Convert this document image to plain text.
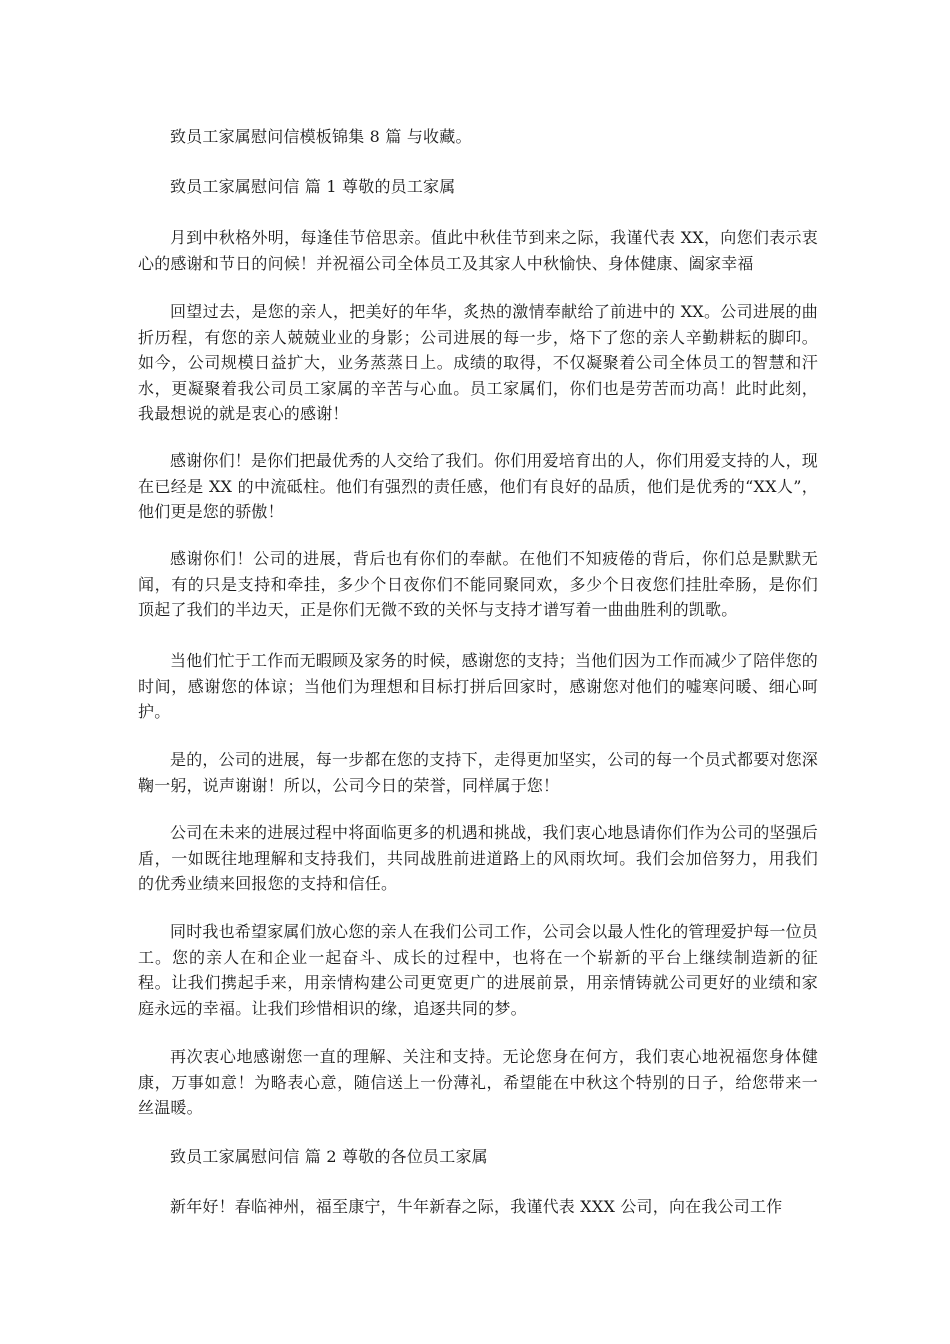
致员工家属慰问信模板锦集 8 篇 与收藏。

致员工家属慰问信 篇 1 尊敬的员工家属

月到中秋格外明，每逢佳节倍思亲。值此中秋佳节到来之际，我谨代表 XX，向您们表示衷心的感谢和节日的问候！并祝福公司全体员工及其家人中秋愉快、身体健康、阖家幸福

回望过去，是您的亲人，把美好的年华，炙热的激情奉献给了前进中的 XX。公司进展的曲折历程，有您的亲人兢兢业业的身影；公司进展的每一步，烙下了您的亲人辛勤耕耘的脚印。如今，公司规模日益扩大，业务蒸蒸日上。成绩的取得，不仅凝聚着公司全体员工的智慧和汗水，更凝聚着我公司员工家属的辛苦与心血。员工家属们，你们也是劳苦而功高！此时此刻，我最想说的就是衷心的感谢！

感谢你们！是你们把最优秀的人交给了我们。你们用爱培育出的人，你们用爱支持的人，现在已经是 XX 的中流砥柱。他们有强烈的责任感，他们有良好的品质，他们是优秀的“XX人”，他们更是您的骄傲！

感谢你们！公司的进展，背后也有你们的奉献。在他们不知疲倦的背后，你们总是默默无闻，有的只是支持和牵挂，多少个日夜你们不能同聚同欢，多少个日夜您们挂肚牵肠，是你们顶起了我们的半边天，正是你们无微不致的关怀与支持才谱写着一曲曲胜利的凯歌。

当他们忙于工作而无暇顾及家务的时候，感谢您的支持；当他们因为工作而减少了陪伴您的时间，感谢您的体谅；当他们为理想和目标打拼后回家时，感谢您对他们的嘘寒问暖、细心呵护。

是的，公司的进展，每一步都在您的支持下，走得更加坚实，公司的每一个员式都要对您深鞠一躬，说声谢谢！所以，公司今日的荣誉，同样属于您！

公司在未来的进展过程中将面临更多的机遇和挑战，我们衷心地恳请你们作为公司的坚强后盾，一如既往地理解和支持我们，共同战胜前进道路上的风雨坎坷。我们会加倍努力，用我们的优秀业绩来回报您的支持和信任。

同时我也希望家属们放心您的亲人在我们公司工作，公司会以最人性化的管理爱护每一位员工。您的亲人在和企业一起奋斗、成长的过程中，也将在一个崭新的平台上继续制造新的征程。让我们携起手来，用亲情构建公司更宽更广的进展前景，用亲情铸就公司更好的业绩和家庭永远的幸福。让我们珍惜相识的缘，追逐共同的梦。

再次衷心地感谢您一直的理解、关注和支持。无论您身在何方，我们衷心地祝福您身体健康，万事如意！为略表心意，随信送上一份薄礼，希望能在中秋这个特别的日子，给您带来一丝温暖。

致员工家属慰问信 篇 2 尊敬的各位员工家属

新年好！春临神州，福至康宁，牛年新春之际，我谨代表 XXX 公司，向在我公司工作
